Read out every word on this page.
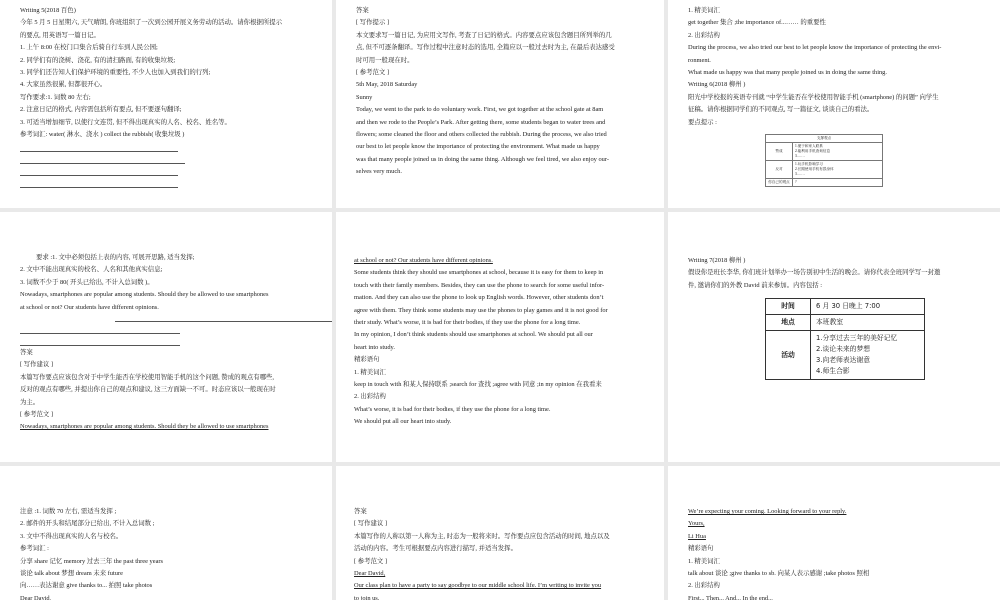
Writing 5(2018 百色)
今年 5 月 5 日星期六, 天气晴朗, 你班组织了一次到公园开展义务劳动的活动。请你根据所提示
的要点, 用英语写一篇日记。
1. 上午 8:00 在校门口集合后骑自行车到人民公园;
2. 同学们有的浇树、浇花, 有的清扫路面, 有的收集垃圾;
3. 同学们还告知人们保护环境的重要性, 不少人也加入到我们的行列;
4. 大家虽然很累, 但都很开心。
写作要求:1. 词数 80 左右;
2. 注意日记的格式, 内容需包括所有要点, 但不要逐句翻译;
3. 可适当增加细节, 以使行文连贯, 但不得出现真实的人名、校名、姓名等。
参考词汇: water( 淋水、浇水 ) collect the rubbish( 收集垃圾 )
答案
[ 写作提示 ]
本文要求写一篇日记, 为应用文写作, 考查了日记的格式。内容要点应该包含题目所列举的几
点, 但不可逐条翻译。写作过程中注意时态的选用, 全篇应以一般过去时为主, 在最后表达感受
时可用一般现在时。
[ 参考范文 ]
5th May, 2018 Saturday
Sunny
Today, we went to the park to do voluntary work. First, we got together at the school gate at 8am
and then we rode to the People’s Park. After getting there, some students began to water trees and
flowers; some cleaned the floor and others collected the rubbish. During the process, we also tried
our best to let people know the importance of protecting the environment. What made us happy
was that many people joined us in doing the same thing. Although we feel tired, we also enjoy our-
selves very much.
1. 精美词汇
get together 集合 ;the importance of...…… 的重要性
2. 出彩结构
During the process, we also tried our best to let people know the importance of protecting the envi-
ronment.
What made us happy was that many people joined us in doing the same thing.
Writing 6(2018 柳州 )
阳光中学校报的英语专刊就 “中学生能否在学校使用智能手机 (smartphone) 的问题” 向学生
征稿。请你根据同学们的不同观点, 写一篇征文, 谈谈自己的看法。
要点提示 :
支撑观点	
赞成	1.便于和家人联系
2.能利用手机查询信息
3.……

反对	1.玩手机影响学习
2.长期使用手机有损身体
3.……

你自己的观点	?
要求 :1. 文中必须包括上表的内容, 可展开思路, 适当发挥;
2. 文中不能出现真实的校名、人名和其他真实信息;
3. 词数不少于 80( 开头已给出, 不计入总词数 )。
Nowadays, smartphones are popular among students. Should they be allowed to use smartphones
at school or not? Our students have different opinions.
答案
[ 写作建议 ]
本篇写作要点应该包含对于中学生能否在学校使用智能手机的这个问题, 赞成的观点有哪些,
反对的观点有哪些, 并提出你自己的观点和建议, 这三方面缺一不可。时态应该以一般现在时
为主。
[ 参考范文 ]
Nowadays, smartphones are popular among students. Should they be allowed to use smartphones
at school or not? Our students have different opinions.
Some students think they should use smartphones at school, because it is easy for them to keep in
touch with their family members. Besides, they can use the phone to search for some useful infor-
mation. And they can also use the phone to look up English words. However, other students don’t
agree with them. They think some students may use the phones to play games and it is not good for
their study. What’s worse, it is bad for their bodies, if they use the phone for a long time.
In my opinion, I don’t think students should use smartphones at school. We should put all our
heart into study.
精彩语句
1. 精美词汇
keep in touch with 和某人保持联系 ;search for 查找 ;agree with 同意 ;in my opinion 在我看来
2. 出彩结构
What’s worse, it is bad for their bodies, if they use the phone for a long time.
We should put all our heart into study.
Writing 7(2018 柳州 )
假设你是班长李华, 你们班计划举办一场告别初中生活的晚会。请你代表全班同学写一封邀
件, 邀请你们的外教 David 前来参加。内容包括 :
时间	6 月 30 日晚上 7:00
地点	本班教室
活动	1.分享过去三年的美好记忆
2.谈论未来的梦想
3.向老师表达谢意
4.师生合影
注意 :1. 词数 70 左右, 需适当发挥 ;
2. 邮件的开头和结尾部分已给出, 不计入总词数 ;
3. 文中不得出现真实的人名与校名。
参考词汇 :
分享 share 记忆 memory 过去三年 the past three years
谈论 talk about 梦想 dream 未来 future
向……表达谢意 give thanks to... 拍照 take photos
Dear David,
答案
[ 写作建议 ]
本篇写作的人称以第一人称为主, 时态为一般将来时。写作要点应包含活动的时间, 地点以及
活动的内容。考生可根据要点内容进行描写, 并适当发挥。
[ 参考范文 ]
Dear David,
Our class plan to have a party to say goodbye to our middle school life. I’m writing to invite you
to join us.
We’re expecting your coming. Looking forward to your reply.
Yours,
Li Hua
精彩语句
1. 精美词汇
talk about 谈论 ;give thanks to sb. 向某人表示感谢 ;take photos 照相
2. 出彩结构
First... Then... And... In the end...
